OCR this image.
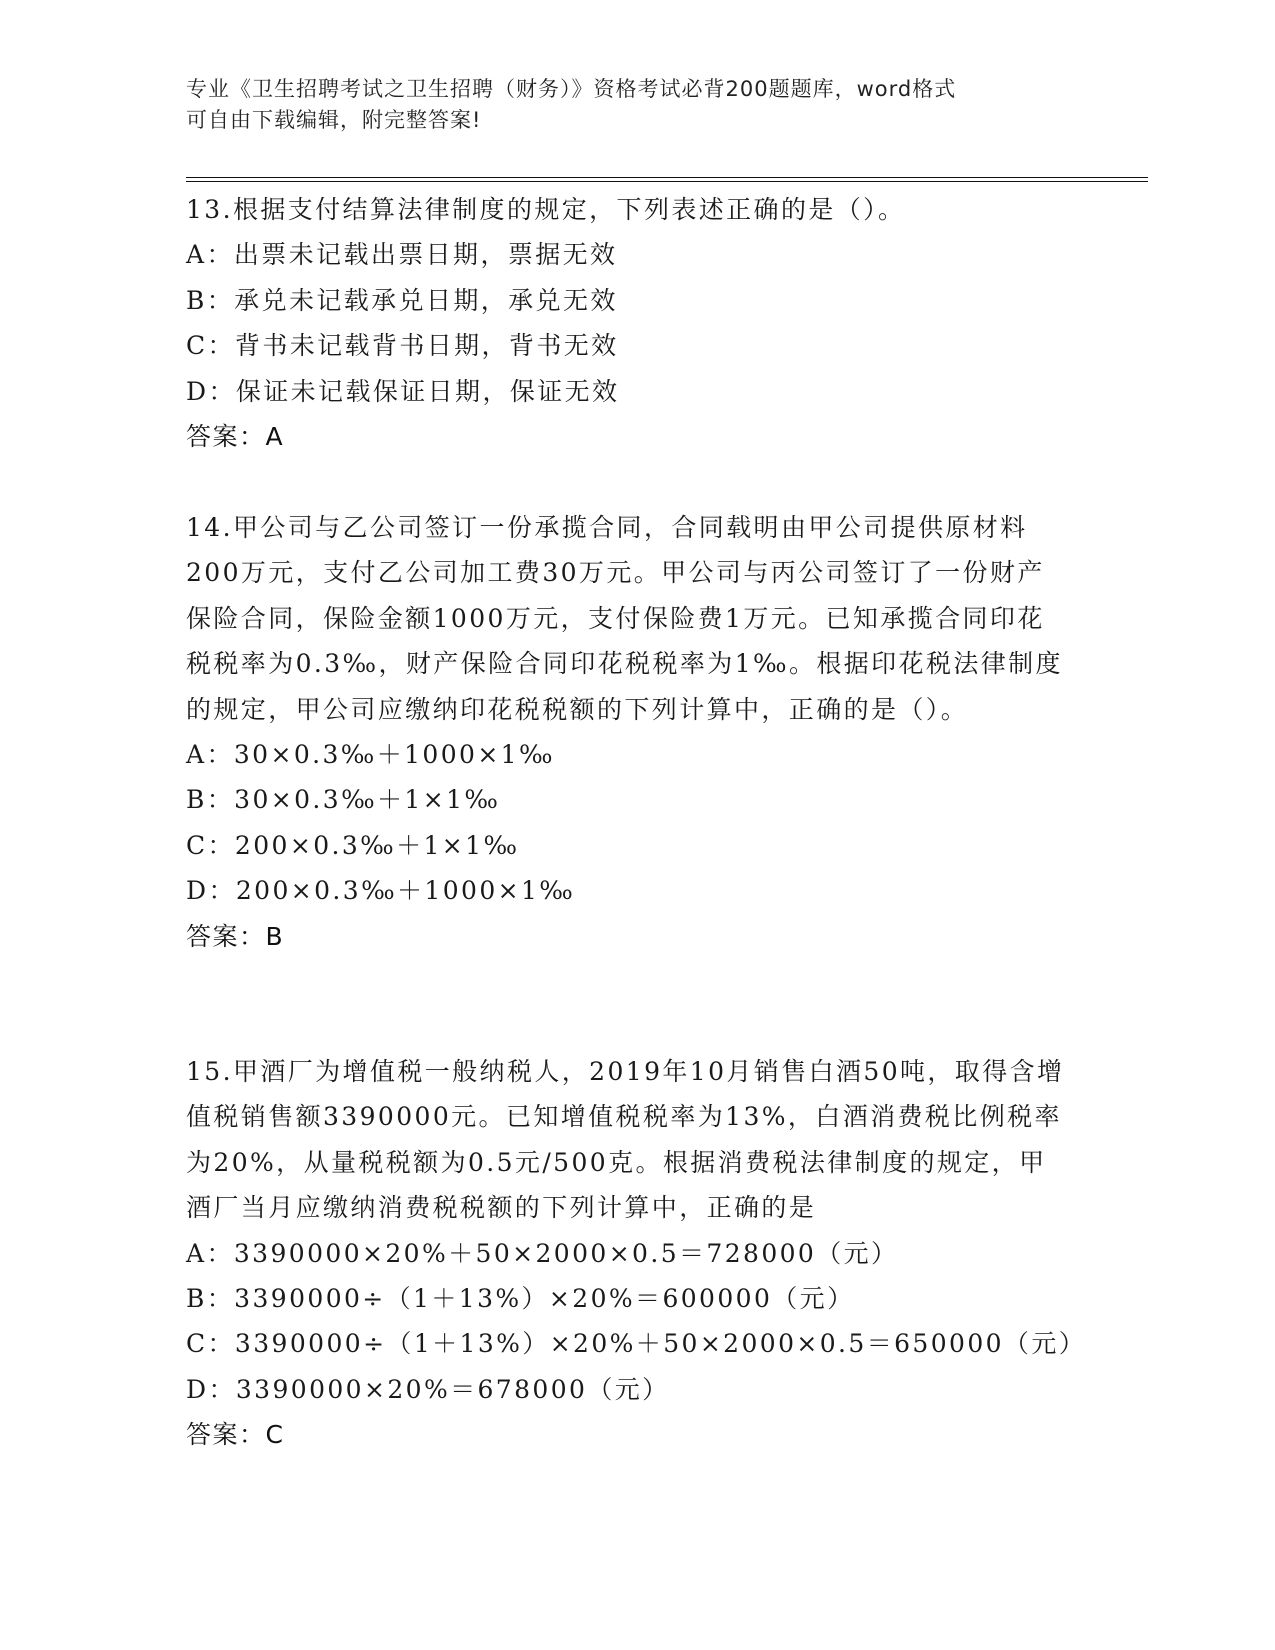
专业《卫生招聘考试之卫生招聘（财务）》资格考试必背200题题库，word格式
可自由下载编辑，附完整答案!

13.根据支付结算法律制度的规定，下列表述正确的是（）。

A：出票未记载出票日期，票据无效
B：承兑未记载承兑日期，承兑无效
C：背书未记载背书日期，背书无效
D：保证未记载保证日期，保证无效

答案：A

14.甲公司与乙公司签订一份承揽合同，合同载明由甲公司提供原材料200万元，支付乙公司加工费30万元。甲公司与丙公司签订了一份财产保险合同，保险金额1000万元，支付保险费1万元。已知承揽合同印花税税率为0.3‰，财产保险合同印花税税率为1‰。根据印花税法律制度的规定，甲公司应缴纳印花税税额的下列计算中，正确的是（）。

A：30×0.3‰＋1000×1‰
B：30×0.3‰＋1×1‰
C：200×0.3‰＋1×1‰
D：200×0.3‰＋1000×1‰

答案：B

15.甲酒厂为增值税一般纳税人，2019年10月销售白酒50吨，取得含增值税销售额3390000元。已知增值税税率为13%，白酒消费税比例税率为20%，从量税税额为0.5元/500克。根据消费税法律制度的规定，甲酒厂当月应缴纳消费税税额的下列计算中，正确的是

A：3390000×20%＋50×2000×0.5＝728000（元）
B：3390000÷（1＋13%）×20%＝600000（元）
C：3390000÷（1＋13%）×20%＋50×2000×0.5＝650000（元）
D：3390000×20%＝678000（元）

答案：C
